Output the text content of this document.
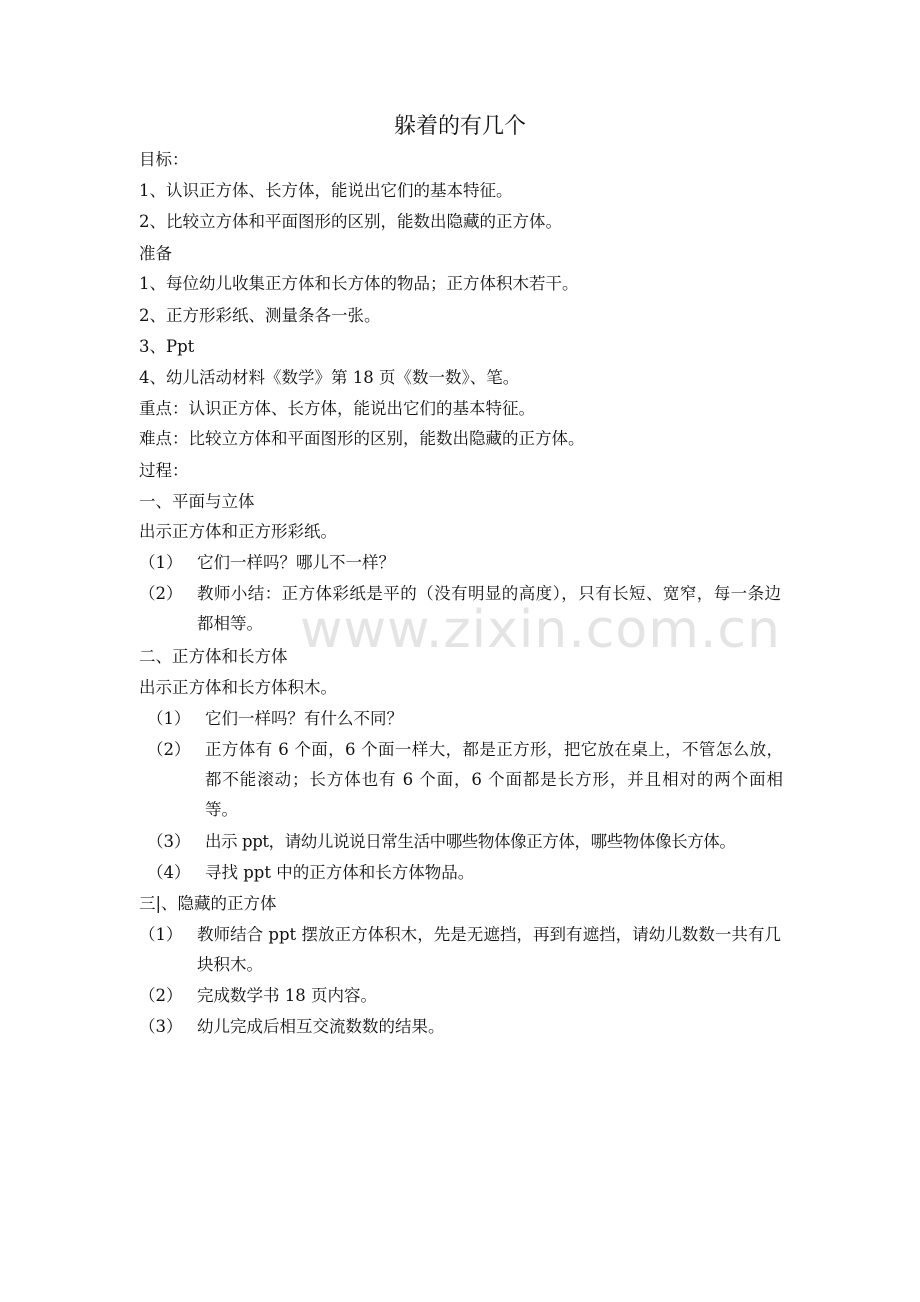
www.zixin.com.cn
躲着的有几个
目标：
1、认识正方体、长方体，能说出它们的基本特征。
2、比较立方体和平面图形的区别，能数出隐藏的正方体。
准备
1、每位幼儿收集正方体和长方体的物品；正方体积木若干。
2、正方形彩纸、测量条各一张。
3、Ppt
4、幼儿活动材料《数学》第 18 页《数一数》、笔。
重点：认识正方体、长方体，能说出它们的基本特征。
难点：比较立方体和平面图形的区别，能数出隐藏的正方体。
过程：
一、平面与立体
出示正方体和正方形彩纸。
（1） 它们一样吗？哪儿不一样？
（2） 教师小结：正方体彩纸是平的（没有明显的高度），只有长短、宽窄，每一条边都相等。
二、正方体和长方体
出示正方体和长方体积木。
（1） 它们一样吗？有什么不同？
（2） 正方体有 6 个面，6 个面一样大，都是正方形，把它放在桌上，不管怎么放，都不能滚动；长方体也有 6 个面，6 个面都是长方形，并且相对的两个面相等。
（3） 出示 ppt，请幼儿说说日常生活中哪些物体像正方体，哪些物体像长方体。
（4） 寻找 ppt 中的正方体和长方体物品。
三|、隐藏的正方体
（1） 教师结合 ppt 摆放正方体积木，先是无遮挡，再到有遮挡，请幼儿数数一共有几块积木。
（2） 完成数学书 18 页内容。
（3） 幼儿完成后相互交流数数的结果。
